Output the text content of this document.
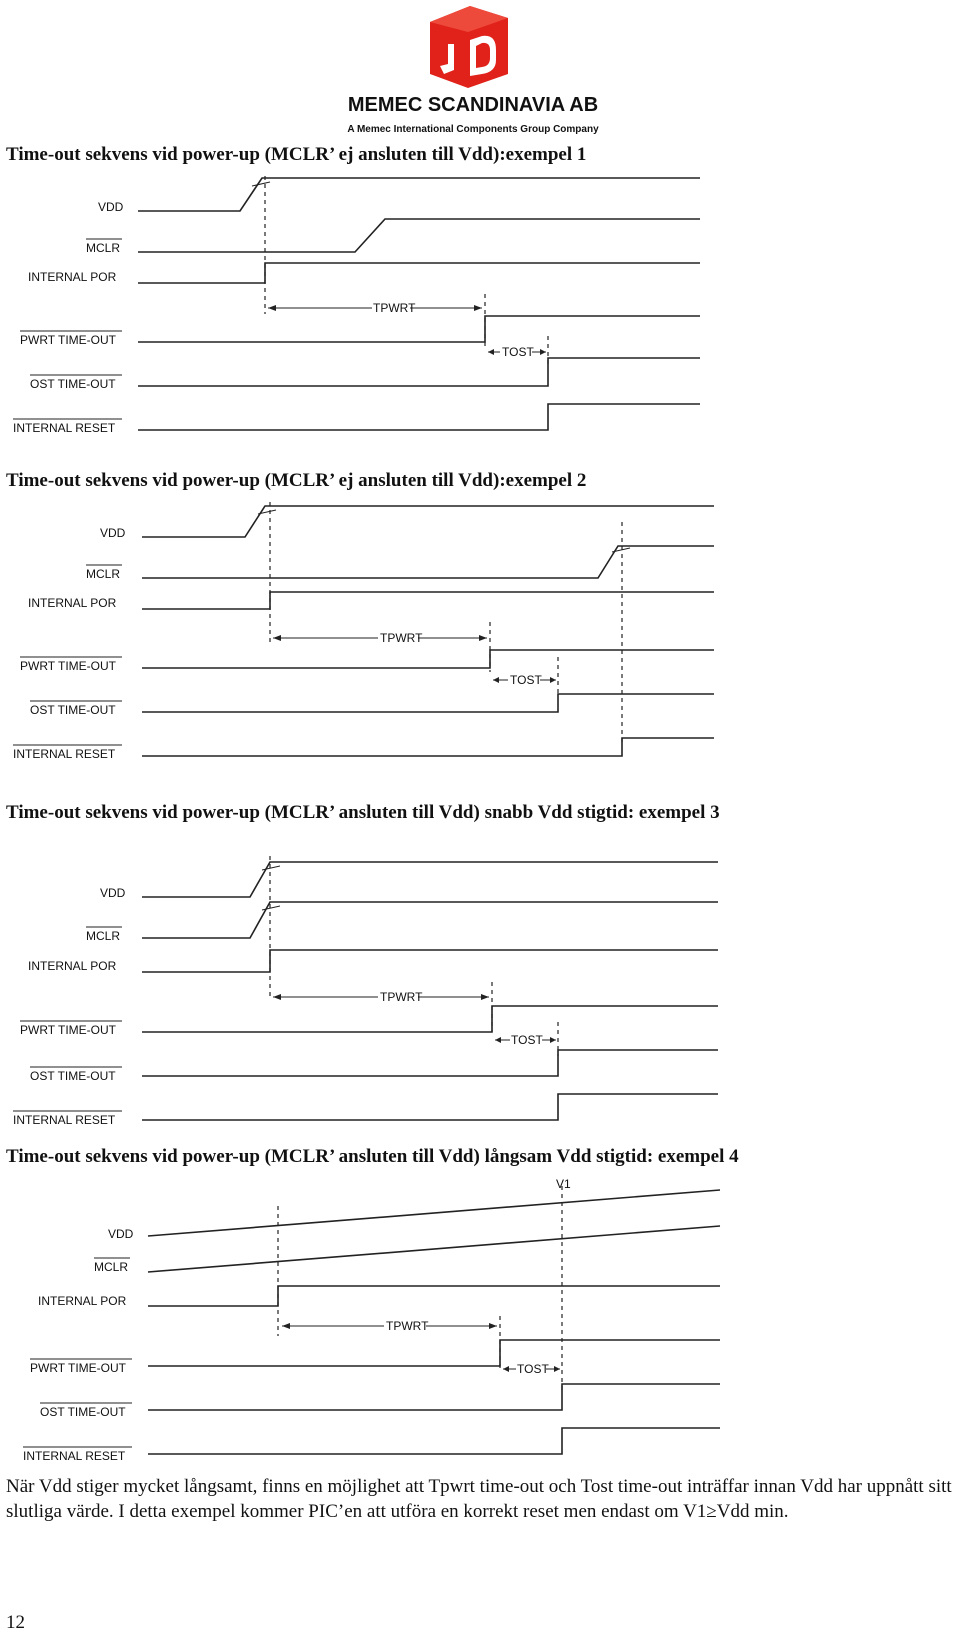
MEMEC SCANDINAVIA AB
A Memec International Components Group Company
Time-out sekvens vid power-up (MCLR’ ej ansluten till Vdd):exempel 1
VDD
MCLR
INTERNAL POR
PWRT TIME-OUT
OST TIME-OUT
INTERNAL RESET
TPWRT
TOST
Time-out sekvens vid power-up (MCLR’ ej ansluten till Vdd):exempel 2
VDD
MCLR
INTERNAL POR
PWRT TIME-OUT
OST TIME-OUT
INTERNAL RESET
TPWRT
TOST
Time-out sekvens vid power-up (MCLR’ ansluten till Vdd) snabb Vdd stigtid: exempel 3
VDD
MCLR
INTERNAL POR
PWRT TIME-OUT
OST TIME-OUT
INTERNAL RESET
TPWRT
TOST
Time-out sekvens vid power-up (MCLR’ ansluten till Vdd) långsam Vdd stigtid: exempel 4
V1
VDD
MCLR
INTERNAL POR
PWRT TIME-OUT
OST TIME-OUT
INTERNAL RESET
TPWRT
TOST
När Vdd stiger mycket långsamt, finns en möjlighet att Tpwrt time-out och Tost time-out inträffar innan Vdd har uppnått sitt slutliga värde. I detta exempel kommer PIC’en att utföra en korrekt reset men endast om V1≥Vdd min.
12
